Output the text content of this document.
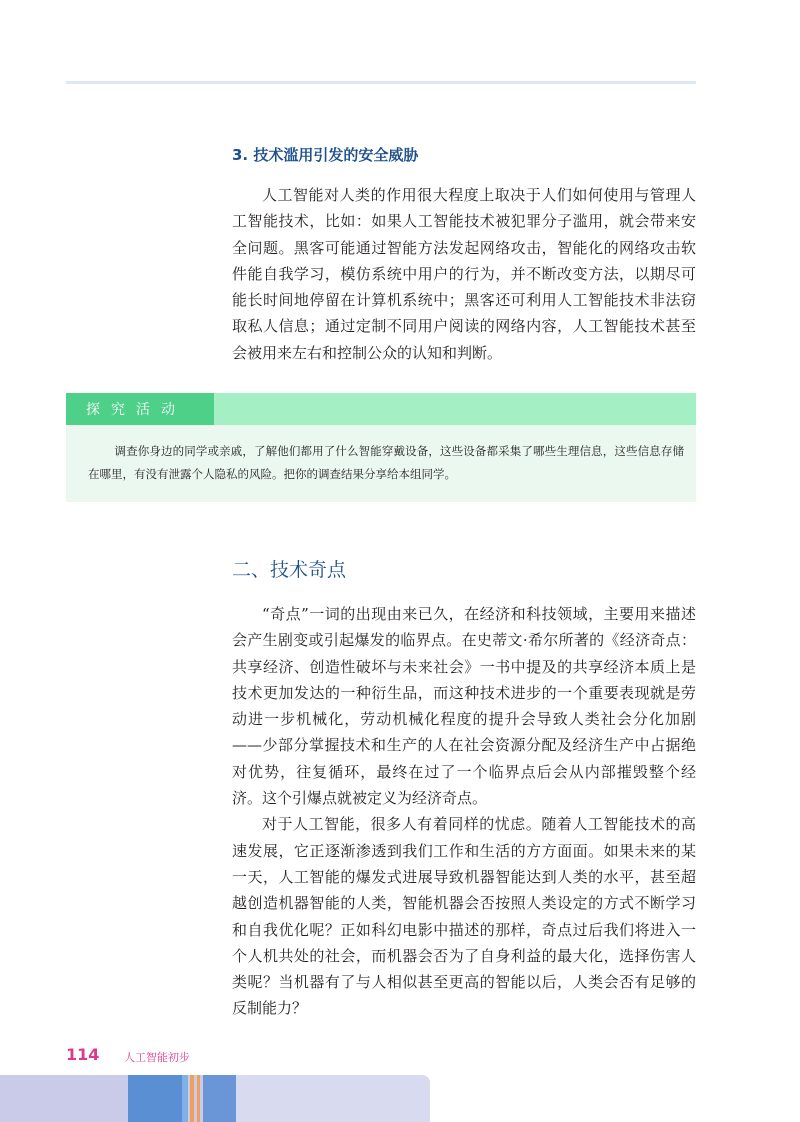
3. 技术滥用引发的安全威胁

人工智能对人类的作用很大程度上取决于人们如何使用与管理人工智能技术，比如：如果人工智能技术被犯罪分子滥用，就会带来安全问题。黑客可能通过智能方法发起网络攻击，智能化的网络攻击软件能自我学习，模仿系统中用户的行为，并不断改变方法，以期尽可能长时间地停留在计算机系统中；黑客还可利用人工智能技术非法窃取私人信息；通过定制不同用户阅读的网络内容，人工智能技术甚至会被用来左右和控制公众的认知和判断。

探究活动
调查你身边的同学或亲戚，了解他们都用了什么智能穿戴设备，这些设备都采集了哪些生理信息，这些信息存储在哪里，有没有泄露个人隐私的风险。把你的调查结果分享给本组同学。
二、技术奇点

“奇点”一词的出现由来已久，在经济和科技领域，主要用来描述会产生剧变或引起爆发的临界点。在史蒂文·希尔所著的《经济奇点：共享经济、创造性破坏与未来社会》一书中提及的共享经济本质上是技术更加发达的一种衍生品，而这种技术进步的一个重要表现就是劳动进一步机械化，劳动机械化程度的提升会导致人类社会分化加剧——少部分掌握技术和生产的人在社会资源分配及经济生产中占据绝对优势，往复循环，最终在过了一个临界点后会从内部摧毁整个经济。这个引爆点就被定义为经济奇点。

对于人工智能，很多人有着同样的忧虑。随着人工智能技术的高速发展，它正逐渐渗透到我们工作和生活的方方面面。如果未来的某一天，人工智能的爆发式进展导致机器智能达到人类的水平，甚至超越创造机器智能的人类，智能机器会否按照人类设定的方式不断学习和自我优化呢？正如科幻电影中描述的那样，奇点过后我们将进入一个人机共处的社会，而机器会否为了自身利益的最大化，选择伤害人类呢？当机器有了与人相似甚至更高的智能以后，人类会否有足够的反制能力？

114 人工智能初步
